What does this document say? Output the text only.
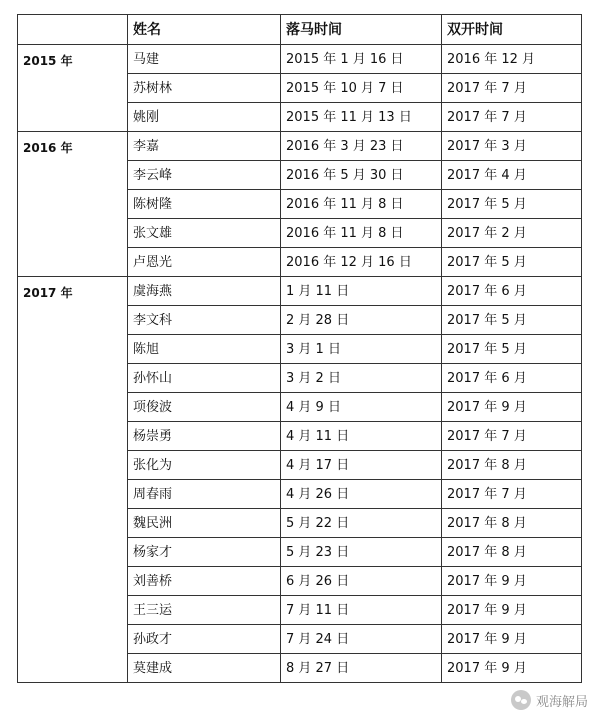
	姓名	落马时间	双开时间
2015 年	马建	2015 年 1 月 16 日	2016 年 12 月
	苏树林	2015 年 10 月 7 日	2017 年 7 月
	姚刚	2015 年 11 月 13 日	2017 年 7 月
2016 年	李嘉	2016 年 3 月 23 日	2017 年 3 月
	李云峰	2016 年 5 月 30 日	2017 年 4 月
	陈树隆	2016 年 11 月 8 日	2017 年 5 月
	张文雄	2016 年 11 月 8 日	2017 年 2 月
	卢恩光	2016 年 12 月 16 日	2017 年 5 月
2017 年	虞海燕	1 月 11 日	2017 年 6 月
	李文科	2 月 28 日	2017 年 5 月
	陈旭	3 月 1 日	2017 年 5 月
	孙怀山	3 月 2 日	2017 年 6 月
	项俊波	4 月 9 日	2017 年 9 月
	杨崇勇	4 月 11 日	2017 年 7 月
	张化为	4 月 17 日	2017 年 8 月
	周春雨	4 月 26 日	2017 年 7 月
	魏民洲	5 月 22 日	2017 年 8 月
	杨家才	5 月 23 日	2017 年 8 月
	刘善桥	6 月 26 日	2017 年 9 月
	王三运	7 月 11 日	2017 年 9 月
	孙政才	7 月 24 日	2017 年 9 月
	莫建成	8 月 27 日	2017 年 9 月
观海解局
